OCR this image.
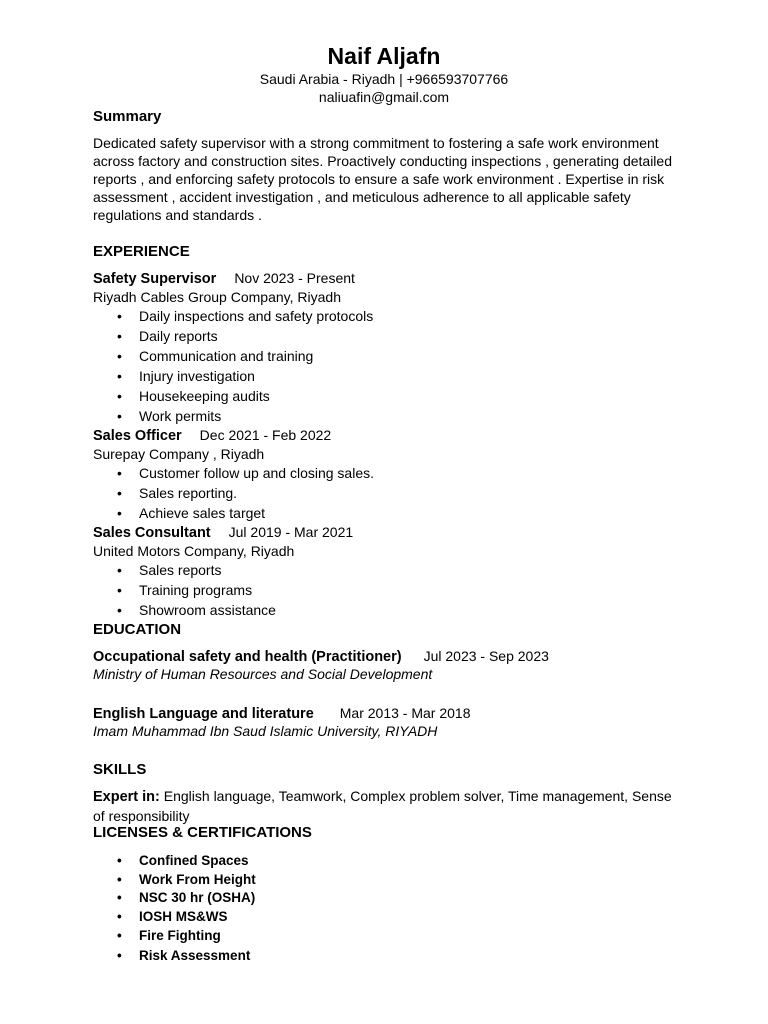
Naif Aljafn
Saudi Arabia - Riyadh | +966593707766
naliuafin@gmail.com
Summary
Dedicated safety supervisor with a strong commitment to fostering a safe work environment across factory and construction sites. Proactively conducting inspections , generating detailed reports , and enforcing safety protocols to ensure a safe work environment . Expertise in risk assessment , accident investigation , and meticulous adherence to all applicable safety regulations and standards .
EXPERIENCE
Safety Supervisor Nov 2023 - Present
Riyadh Cables Group Company, Riyadh
• Daily inspections and safety protocols
• Daily reports
• Communication and training
• Injury investigation
• Housekeeping audits
• Work permits
Sales Officer Dec 2021 - Feb 2022
Surepay Company , Riyadh
• Customer follow up and closing sales.
• Sales reporting.
• Achieve sales target
Sales Consultant Jul 2019 - Mar 2021
United Motors Company, Riyadh
• Sales reports
• Training programs
• Showroom assistance
EDUCATION
Occupational safety and health (Practitioner) Jul 2023 - Sep 2023
Ministry of Human Resources and Social Development
English Language and literature Mar 2013 - Mar 2018
Imam Muhammad Ibn Saud Islamic University, RIYADH
SKILLS
Expert in: English language, Teamwork, Complex problem solver, Time management, Sense of responsibility
LICENSES & CERTIFICATIONS
• Confined Spaces
• Work From Height
• NSC 30 hr (OSHA)
• IOSH MS&WS
• Fire Fighting
• Risk Assessment
